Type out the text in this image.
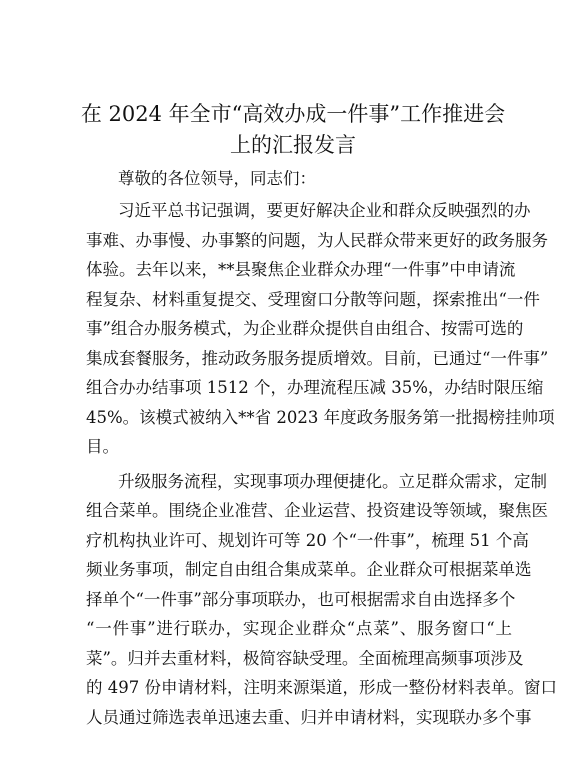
在 2024 年全市“高效办成一件事”工作推进会
上的汇报发言
尊敬的各位领导，同志们：
习近平总书记强调，要更好解决企业和群众反映强烈的办
事难、办事慢、办事繁的问题，为人民群众带来更好的政务服务
体验。去年以来，**县聚焦企业群众办理“一件事”中申请流
程复杂、材料重复提交、受理窗口分散等问题，探索推出“一件
事”组合办服务模式，为企业群众提供自由组合、按需可选的
集成套餐服务，推动政务服务提质增效。目前，已通过“一件事”
组合办办结事项 1512 个，办理流程压减 35%，办结时限压缩
45%。该模式被纳入**省 2023 年度政务服务第一批揭榜挂帅项
目。
升级服务流程，实现事项办理便捷化。立足群众需求，定制
组合菜单。围绕企业准营、企业运营、投资建设等领域，聚焦医
疗机构执业许可、规划许可等 20 个“一件事”，梳理 51 个高
频业务事项，制定自由组合集成菜单。企业群众可根据菜单选
择单个“一件事”部分事项联办，也可根据需求自由选择多个
“一件事”进行联办，实现企业群众“点菜”、服务窗口“上
菜”。归并去重材料，极简容缺受理。全面梳理高频事项涉及
的 497 份申请材料，注明来源渠道，形成一整份材料表单。窗口
人员通过筛选表单迅速去重、归并申请材料，实现联办多个事
